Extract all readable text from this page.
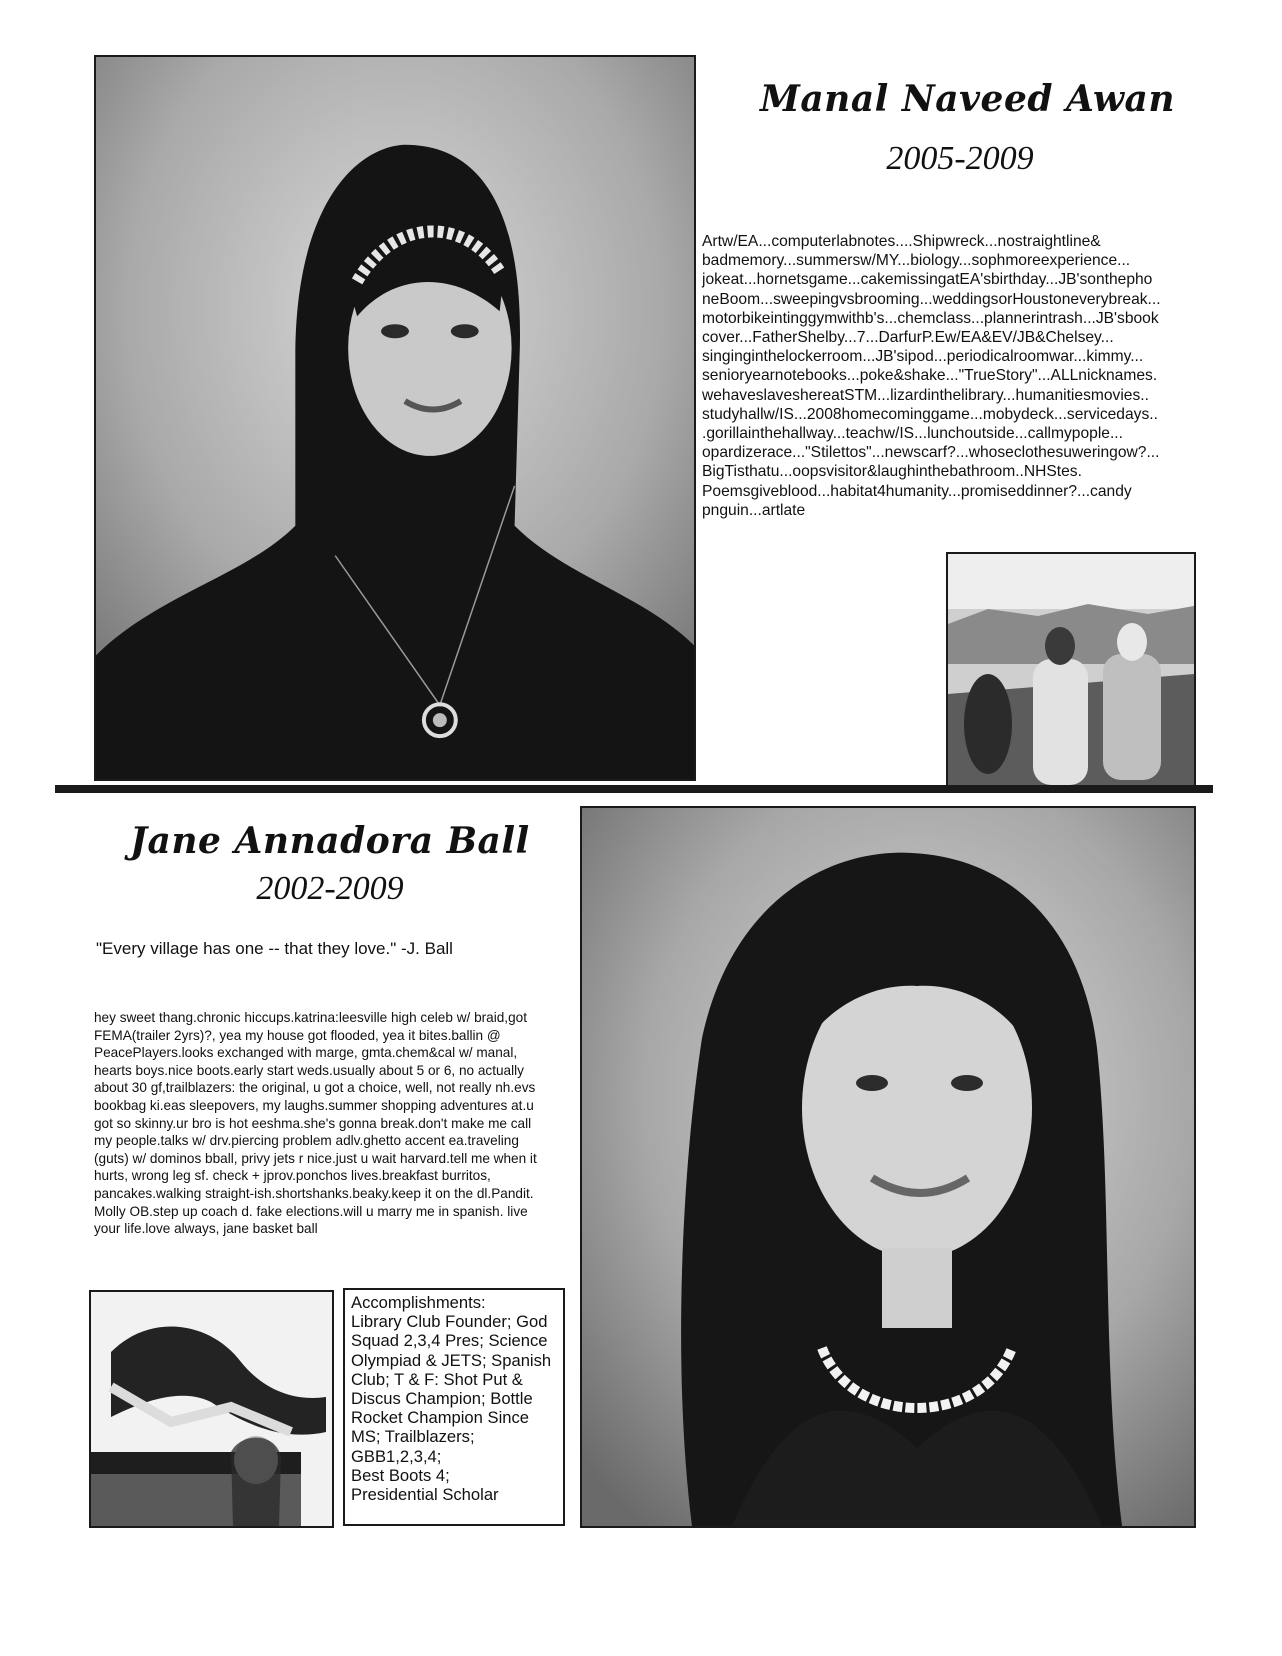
Manal Naveed Awan
2005-2009
Artw/EA...computerlabnotes....Shipwreck...nostraightline&
badmemory...summersw/MY...biology...sophmoreexperience...
jokeat...hornetsgame...cakemissingatEA'sbirthday...JB'sonthepho
neBoom...sweepingvsbrooming...weddingsorHoustoneverybreak...
motorbikeintinggymwithb's...chemclass...plannerintrash...JB'sbook
cover...FatherShelby...7...DarfurP.Ew/EA&EV/JB&Chelsey...
singinginthelockerroom...JB'sipod...periodicalroomwar...kimmy...
senioryearnotebooks...poke&shake..."TrueStory"...ALLnicknames.
wehaveslaveshereatSTM...lizardinthelibrary...humanitiesmovies..
studyhallw/IS...2008homecominggame...mobydeck...servicedays..
.gorillainthehallway...teachw/IS...lunchoutside...callmypople...
opardizerace..."Stilettos"...newscarf?...whoseclothesuweringow?...
BigTisthatu...oopsvisitor&laughinthebathroom..NHStes.
Poemsgiveblood...habitat4humanity...promiseddinner?...candy
pnguin...artlate
Jane Annadora Ball
2002-2009
"Every village has one -- that they love." -J. Ball
hey sweet thang.chronic hiccups.katrina:leesville high celeb w/ braid,got
FEMA(trailer 2yrs)?, yea my house got flooded, yea it bites.ballin @
PeacePlayers.looks exchanged with marge, gmta.chem&cal w/ manal,
hearts boys.nice boots.early start weds.usually about 5 or 6, no actually
about 30 gf,trailblazers: the original, u got a choice, well, not really nh.evs
bookbag ki.eas sleepovers, my laughs.summer shopping adventures at.u
got so skinny.ur bro is hot eeshma.she's gonna break.don't make me call
my people.talks w/ drv.piercing problem adlv.ghetto accent ea.traveling
(guts) w/ dominos bball, privy jets r nice.just u wait harvard.tell me when it
hurts, wrong leg sf. check + jprov.ponchos lives.breakfast burritos,
pancakes.walking straight-ish.shortshanks.beaky.keep it on the dl.Pandit.
Molly OB.step up coach d. fake elections.will u marry me in spanish. live
your life.love always, jane basket ball
Accomplishments:
Library Club Founder; God
Squad 2,3,4 Pres; Science
Olympiad & JETS; Spanish
Club; T & F: Shot Put &
Discus Champion; Bottle
Rocket Champion Since
MS; Trailblazers;
GBB1,2,3,4;
Best Boots 4;
Presidential Scholar
